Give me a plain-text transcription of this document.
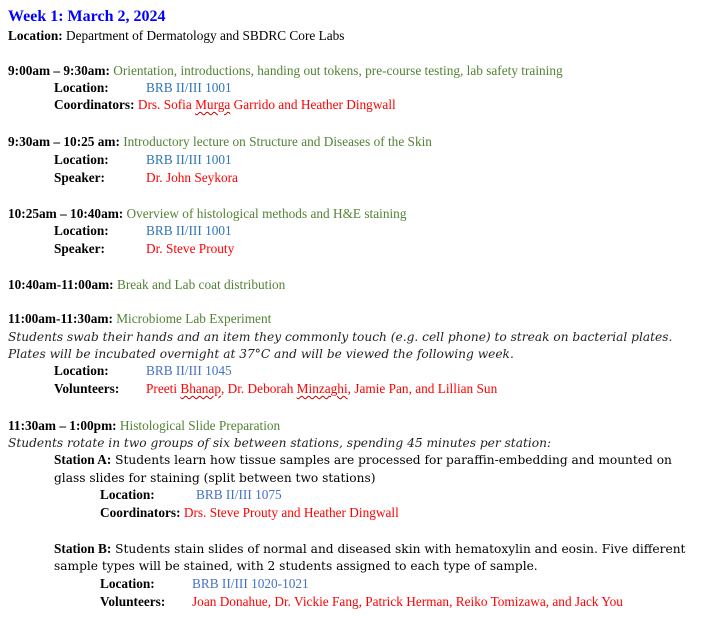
Week 1: March 2, 2024
Location: Department of Dermatology and SBDRC Core Labs
9:00am – 9:30am: Orientation, introductions, handing out tokens, pre-course testing, lab safety training
Location:	BRB II/III 1001
Coordinators: Drs. Sofia Murga Garrido and Heather Dingwall
9:30am – 10:25 am: Introductory lecture on Structure and Diseases of the Skin
Location:	BRB II/III 1001
Speaker:	Dr. John Seykora
10:25am – 10:40am: Overview of histological methods and H&E staining
Location:	BRB II/III 1001
Speaker:	Dr. Steve Prouty
10:40am-11:00am: Break and Lab coat distribution
11:00am-11:30am: Microbiome Lab Experiment
Students swab their hands and an item they commonly touch (e.g. cell phone) to streak on bacterial plates.
Plates will be incubated overnight at 37°C and will be viewed the following week.
Location:	BRB II/III 1045
Volunteers: Preeti Bhanap, Dr. Deborah Minzaghi, Jamie Pan, and Lillian Sun
11:30am – 1:00pm: Histological Slide Preparation
Students rotate in two groups of six between stations, spending 45 minutes per station:
Station A: Students learn how tissue samples are processed for paraffin-embedding and mounted on
glass slides for staining (split between two stations)
Location:	BRB II/III 1075
Coordinators: Drs. Steve Prouty and Heather Dingwall
Station B: Students stain slides of normal and diseased skin with hematoxylin and eosin. Five different
sample types will be stained, with 2 students assigned to each type of sample.
Location:	BRB II/III 1020-1021
Volunteers: Joan Donahue, Dr. Vickie Fang, Patrick Herman, Reiko Tomizawa, and Jack You
